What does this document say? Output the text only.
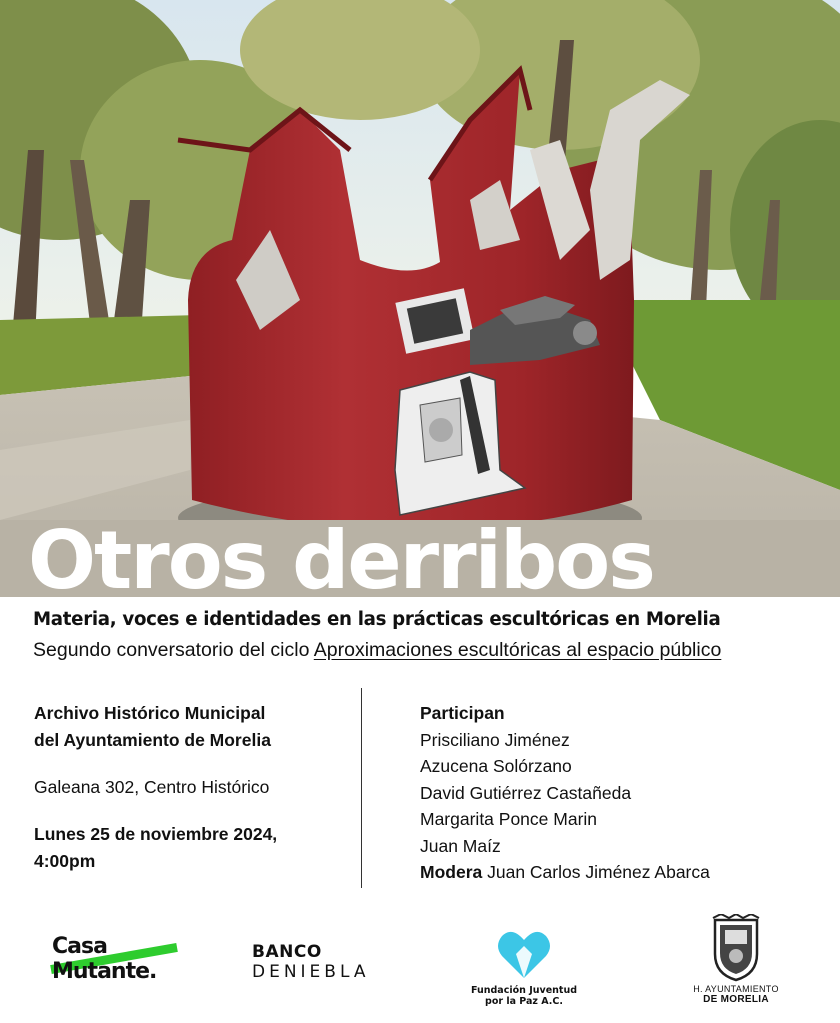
Otros derribos
Materia, voces e identidades en las prácticas escultóricas en Morelia
Segundo conversatorio del ciclo Aproximaciones escultóricas al espacio público
Archivo Histórico Municipal
del Ayuntamiento de Morelia
Galeana 302, Centro Histórico
Lunes 25 de noviembre 2024,
4:00pm
Participan
Prisciliano Jiménez
Azucena Solórzano
David Gutiérrez Castañeda
Margarita Ponce Marin
Juan Maíz
Modera Juan Carlos Jiménez Abarca
Casa
Mutante.
BANCO
DENIEBLA
Fundación Juventud
por la Paz A.C.
H. AYUNTAMIENTO
DE MORELIA
